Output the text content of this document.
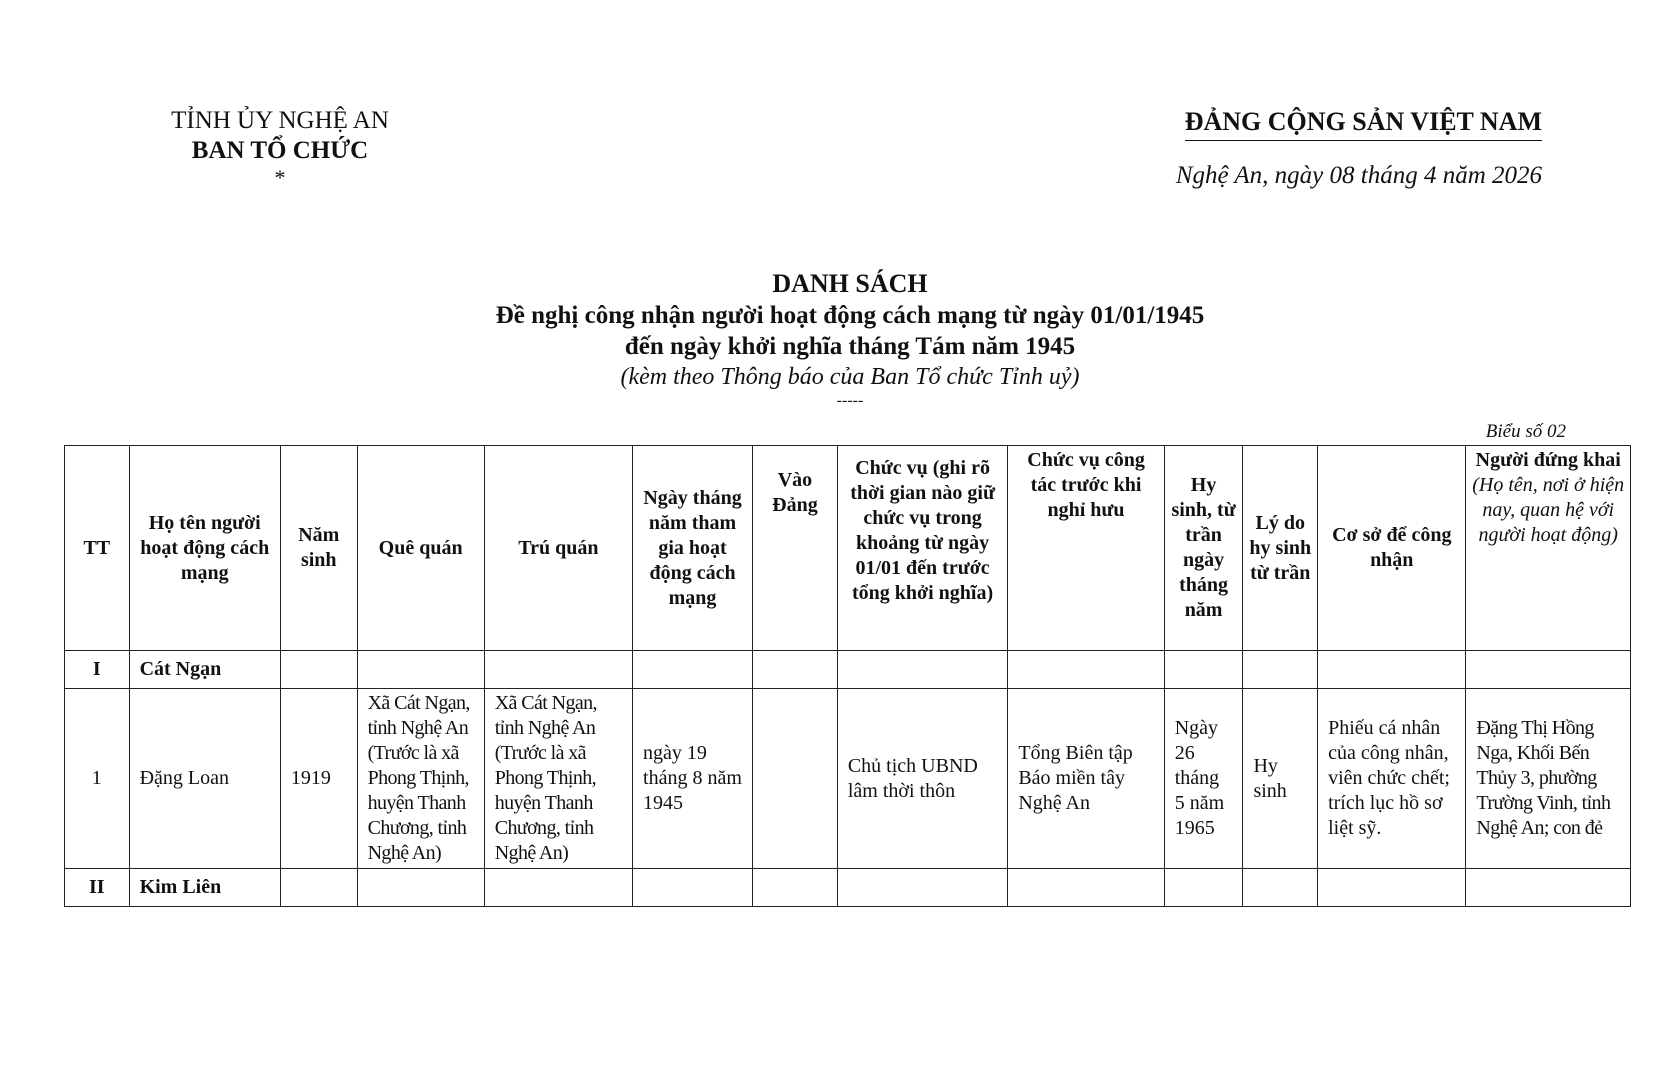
TỈNH ỦY NGHỆ AN
BAN TỔ CHỨC
*
ĐẢNG CỘNG SẢN VIỆT NAM
Nghệ An, ngày 08 tháng 4 năm 2026
DANH SÁCH
Đề nghị công nhận người hoạt động cách mạng từ ngày 01/01/1945
đến ngày khởi nghĩa tháng Tám năm 1945
(kèm theo Thông báo của Ban Tổ chức Tỉnh uỷ)
-----
Biểu số 02
TT	Họ tên người hoạt động cách mạng	Năm sinh	Quê quán	Trú quán	Ngày tháng năm tham gia hoạt động cách mạng	Vào Đảng	Chức vụ (ghi rõ thời gian nào giữ chức vụ trong khoảng từ ngày 01/01 đến trước tổng khởi nghĩa)	Chức vụ công tác trước khi nghỉ hưu	Hy sinh, từ trần ngày tháng năm	Lý do hy sinh từ trần	Cơ sở để công nhận	Người đứng khai
(Họ tên, nơi ở hiện nay, quan hệ với người hoạt động)
I	Cát Ngạn											
1	Đặng Loan	1919	Xã Cát Ngạn, tỉnh Nghệ An (Trước là xã Phong Thịnh, huyện Thanh Chương, tỉnh Nghệ An)	Xã Cát Ngạn, tỉnh Nghệ An (Trước là xã Phong Thịnh, huyện Thanh Chương, tỉnh Nghệ An)	ngày 19 tháng 8 năm 1945		Chủ tịch UBND lâm thời thôn	Tổng Biên tập Báo miền tây Nghệ An	Ngày 26 tháng 5 năm 1965	Hy sinh	Phiếu cá nhân của công nhân, viên chức chết; trích lục hồ sơ liệt sỹ.	Đặng Thị Hồng Nga, Khối Bến Thủy 3, phường Trường Vinh, tỉnh Nghệ An; con đẻ
II	Kim Liên											
